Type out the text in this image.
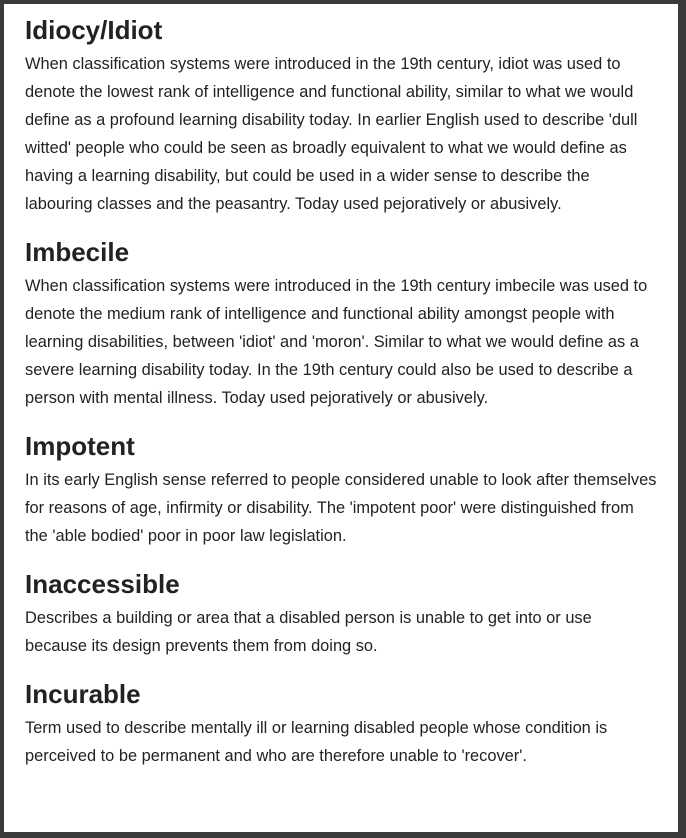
Idiocy/Idiot

When classification systems were introduced in the 19th century, idiot was used to denote the lowest rank of intelligence and functional ability, similar to what we would define as a profound learning disability today. In earlier English used to describe 'dull witted' people who could be seen as broadly equivalent to what we would define as having a learning disability, but could be used in a wider sense to describe the labouring classes and the peasantry. Today used pejoratively or abusively.

Imbecile

When classification systems were introduced in the 19th century imbecile was used to denote the medium rank of intelligence and functional ability amongst people with learning disabilities, between 'idiot' and 'moron'. Similar to what we would define as a severe learning disability today. In the 19th century could also be used to describe a person with mental illness. Today used pejoratively or abusively.

Impotent

In its early English sense referred to people considered unable to look after themselves for reasons of age, infirmity or disability. The 'impotent poor' were distinguished from the 'able bodied' poor in poor law legislation.

Inaccessible

Describes a building or area that a disabled person is unable to get into or use because its design prevents them from doing so.

Incurable

Term used to describe mentally ill or learning disabled people whose condition is perceived to be permanent and who are therefore unable to 'recover'.
